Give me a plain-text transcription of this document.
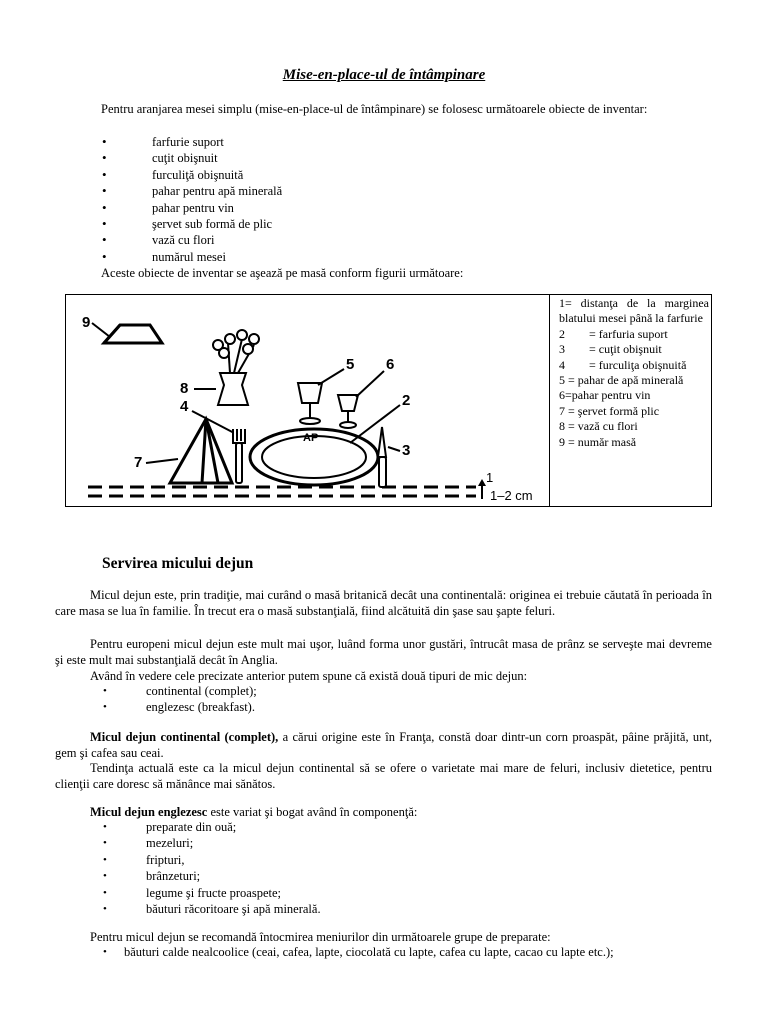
Mise-en-place-ul de întâmpinare

Pentru aranjarea mesei simplu (mise-en-place-ul de întâmpinare) se folosesc următoarele obiecte de inventar:

• farfurie suport
• cuţit obişnuit
• furculiţă obişnuită
• pahar pentru apă minerală
• pahar pentru vin
• şervet sub formă de plic
• vază cu flori
• numărul mesei

Aceste obiecte de inventar se aşează pe masă conform figurii următoare:

1
1–2 cm
9
8
4
7
AP
2
3
5 6
1= distanţa de la marginea blatului mesei până la farfurie
2 = farfuria suport
3 = cuţit obişnuit
4 = furculiţa obişnuită
5 = pahar de apă minerală
6=pahar pentru vin
7 = şervet formă plic
8 = vază cu flori
9 = număr masă
Servirea micului dejun

Micul dejun este, prin tradiţie, mai curând o masă britanică decât una continentală: originea ei trebuie căutată în perioada în care masa se lua în familie. În trecut era o masă substanţială, fiind alcătuită din şase sau şapte feluri.

Pentru europeni micul dejun este mult mai uşor, luând forma unor gustări, întrucât masa de prânz se serveşte mai devreme şi este mult mai substanţială decât în Anglia.

Având în vedere cele precizate anterior putem spune că există două tipuri de mic dejun:

• continental (complet);
• englezesc (breakfast).

Micul dejun continental (complet), a cărui origine este în Franţa, constă doar dintr-un corn proaspăt, pâine prăjită, unt, gem şi cafea sau ceai.

Tendinţa actuală este ca la micul dejun continental să se ofere o varietate mai mare de feluri, inclusiv dietetice, pentru clienţii care doresc să mănânce mai sănătos.

Micul dejun englezesc este variat şi bogat având în componenţă:

• preparate din ouă;
• mezeluri;
• fripturi,
• brânzeturi;
• legume şi fructe proaspete;
• băuturi răcoritoare şi apă minerală.

Pentru micul dejun se recomandă întocmirea meniurilor din următoarele grupe de preparate:

• băuturi calde nealcoolice (ceai, cafea, lapte, ciocolată cu lapte, cafea cu lapte, cacao cu lapte etc.);
